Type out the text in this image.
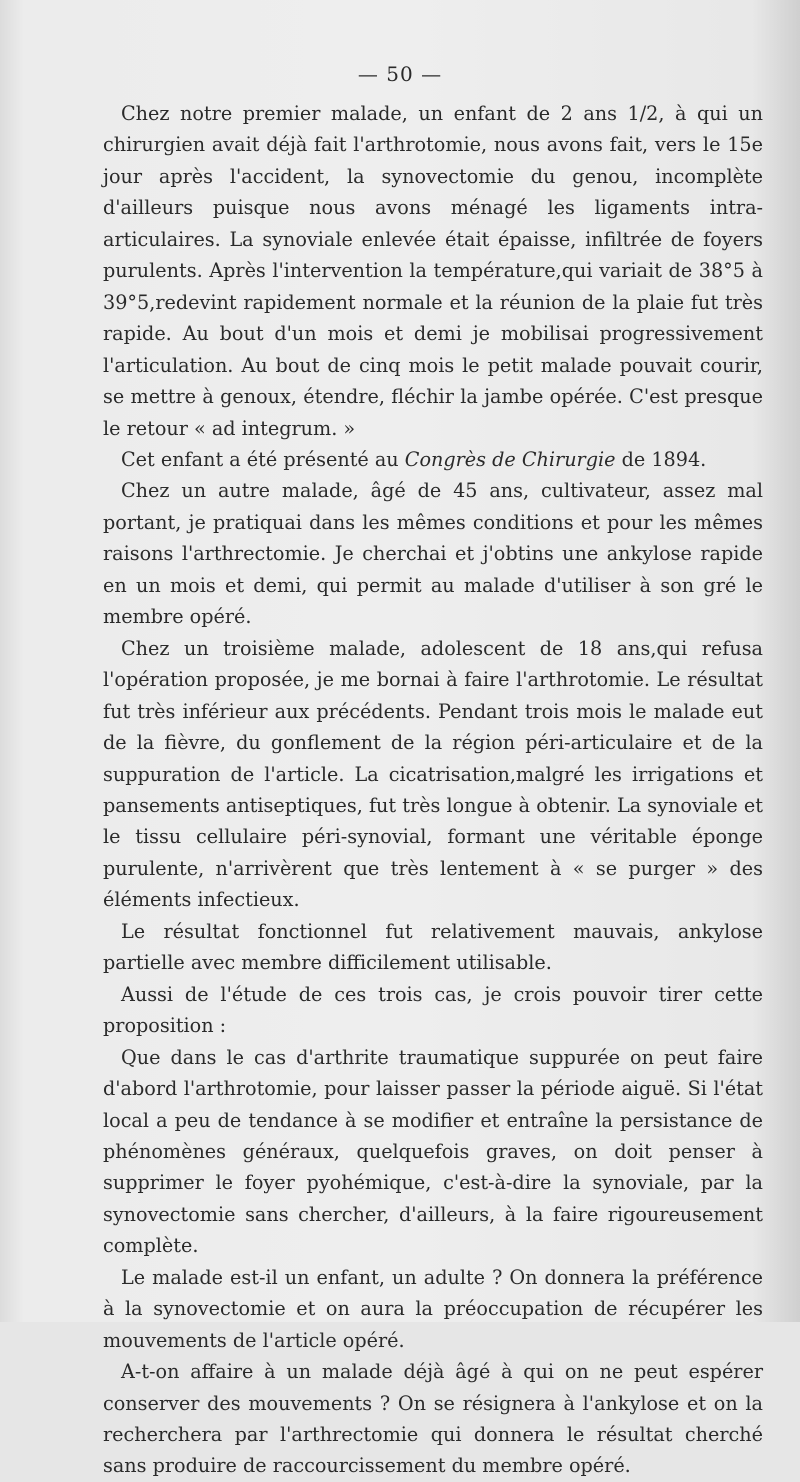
— 50 —

Chez notre premier malade, un enfant de 2 ans 1/2, à qui un chirurgien avait déjà fait l'arthrotomie, nous avons fait, vers le 15e jour après l'accident, la synovectomie du genou, incomplète d'ailleurs puisque nous avons ménagé les ligaments intra-articulaires. La synoviale enlevée était épaisse, infiltrée de foyers purulents. Après l'intervention la température,qui variait de 38°5 à 39°5,redevint rapidement normale et la réunion de la plaie fut très rapide. Au bout d'un mois et demi je mobilisai progressivement l'articulation. Au bout de cinq mois le petit malade pouvait courir, se mettre à genoux, étendre, fléchir la jambe opérée. C'est presque le retour « ad integrum. »

Cet enfant a été présenté au Congrès de Chirurgie de 1894.

Chez un autre malade, âgé de 45 ans, cultivateur, assez mal portant, je pratiquai dans les mêmes conditions et pour les mêmes raisons l'arthrectomie. Je cherchai et j'obtins une ankylose rapide en un mois et demi, qui permit au malade d'utiliser à son gré le membre opéré.

Chez un troisième malade, adolescent de 18 ans,qui refusa l'opération proposée, je me bornai à faire l'arthrotomie. Le résultat fut très inférieur aux précédents. Pendant trois mois le malade eut de la fièvre, du gonflement de la région péri-articulaire et de la suppuration de l'article. La cicatrisation,malgré les irrigations et pansements antiseptiques, fut très longue à obtenir. La synoviale et le tissu cellulaire péri-synovial, formant une véritable éponge purulente, n'arrivèrent que très lentement à « se purger » des éléments infectieux.

Le résultat fonctionnel fut relativement mauvais, ankylose partielle avec membre difficilement utilisable.

Aussi de l'étude de ces trois cas, je crois pouvoir tirer cette proposition :

Que dans le cas d'arthrite traumatique suppurée on peut faire d'abord l'arthrotomie, pour laisser passer la période aiguë. Si l'état local a peu de tendance à se modifier et entraîne la persistance de phénomènes généraux, quelquefois graves, on doit penser à supprimer le foyer pyohémique, c'est-à-dire la synoviale, par la synovectomie sans chercher, d'ailleurs, à la faire rigoureusement complète.

Le malade est-il un enfant, un adulte ? On donnera la préférence à la synovectomie et on aura la préoccupation de récupérer les mouvements de l'article opéré.

A-t-on affaire à un malade déjà âgé à qui on ne peut espérer conserver des mouvements ? On se résignera à l'ankylose et on la recherchera par l'arthrectomie qui donnera le résultat cherché sans produire de raccourcissement du membre opéré.
